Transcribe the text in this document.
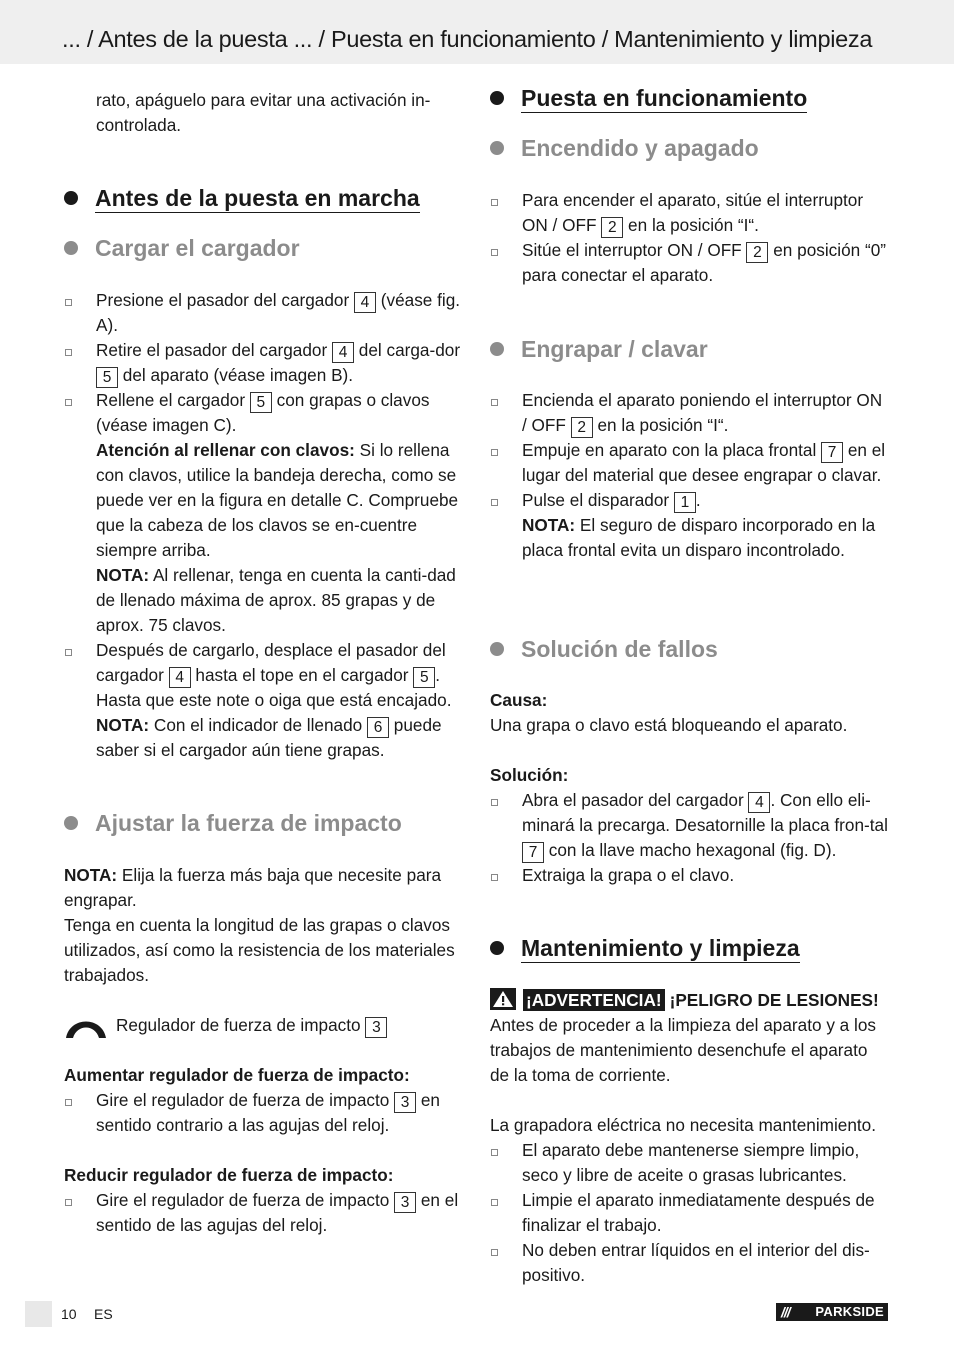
... / Antes de la puesta ... / Puesta en funcionamiento / Mantenimiento y limpieza
rato, apáguelo para evitar una activación in-controlada.
Antes de la puesta en marcha
Cargar el cargador
Presione el pasador del cargador 4 (véase fig. A).
Retire el pasador del cargador 4 del carga-dor 5 del aparato (véase imagen B).
Rellene el cargador 5 con grapas o clavos (véase imagen C).
Atención al rellenar con clavos: Si lo rellena con clavos, utilice la bandeja derecha, como se puede ver en la figura en detalle C. Compruebe que la cabeza de los clavos se en-cuentre siempre arriba.
NOTA: Al rellenar, tenga en cuenta la canti-dad de llenado máxima de aprox. 85 grapas y de aprox. 75 clavos.
Después de cargarlo, desplace el pasador del cargador 4 hasta el tope en el cargador 5 . Hasta que este note o oiga que está encajado.
NOTA: Con el indicador de llenado 6 puede saber si el cargador aún tiene grapas.
Ajustar la fuerza de impacto
NOTA: Elija la fuerza más baja que necesite para engrapar.
Tenga en cuenta la longitud de las grapas o clavos utilizados, así como la resistencia de los materiales trabajados.
Regulador de fuerza de impacto 3
Aumentar regulador de fuerza de impacto:
Gire el regulador de fuerza de impacto 3 en sentido contrario a las agujas del reloj.
Reducir regulador de fuerza de impacto:
Gire el regulador de fuerza de impacto 3 en el sentido de las agujas del reloj.
Puesta en funcionamiento
Encendido y apagado
Para encender el aparato, sitúe el interruptor ON / OFF 2 en la posición “I“.
Sitúe el interruptor ON / OFF 2 en posición “0” para conectar el aparato.
Engrapar / clavar
Encienda el aparato poniendo el interruptor ON / OFF 2 en la posición “I“.
Empuje en aparato con la placa frontal 7 en el lugar del material que desee engrapar o clavar.
Pulse el disparador 1 .
NOTA: El seguro de disparo incorporado en la placa frontal evita un disparo incontrolado.
Solución de fallos
Causa:
Una grapa o clavo está bloqueando el aparato.
Solución:
Abra el pasador del cargador 4 . Con ello eli-minará la precarga. Desatornille la placa fron-tal 7 con la llave macho hexagonal (fig. D).
Extraiga la grapa o el clavo.
Mantenimiento y limpieza
¡ADVERTENCIA! ¡PELIGRO DE LESIONES!
Antes de proceder a la limpieza del aparato y a los trabajos de mantenimiento desenchufe el aparato de la toma de corriente.
La grapadora eléctrica no necesita mantenimiento.
El aparato debe mantenerse siempre limpio, seco y libre de aceite o grasas lubricantes.
Limpie el aparato inmediatamente después de finalizar el trabajo.
No deben entrar líquidos en el interior del dis-positivo.
10 ES	/// PARKSIDE
